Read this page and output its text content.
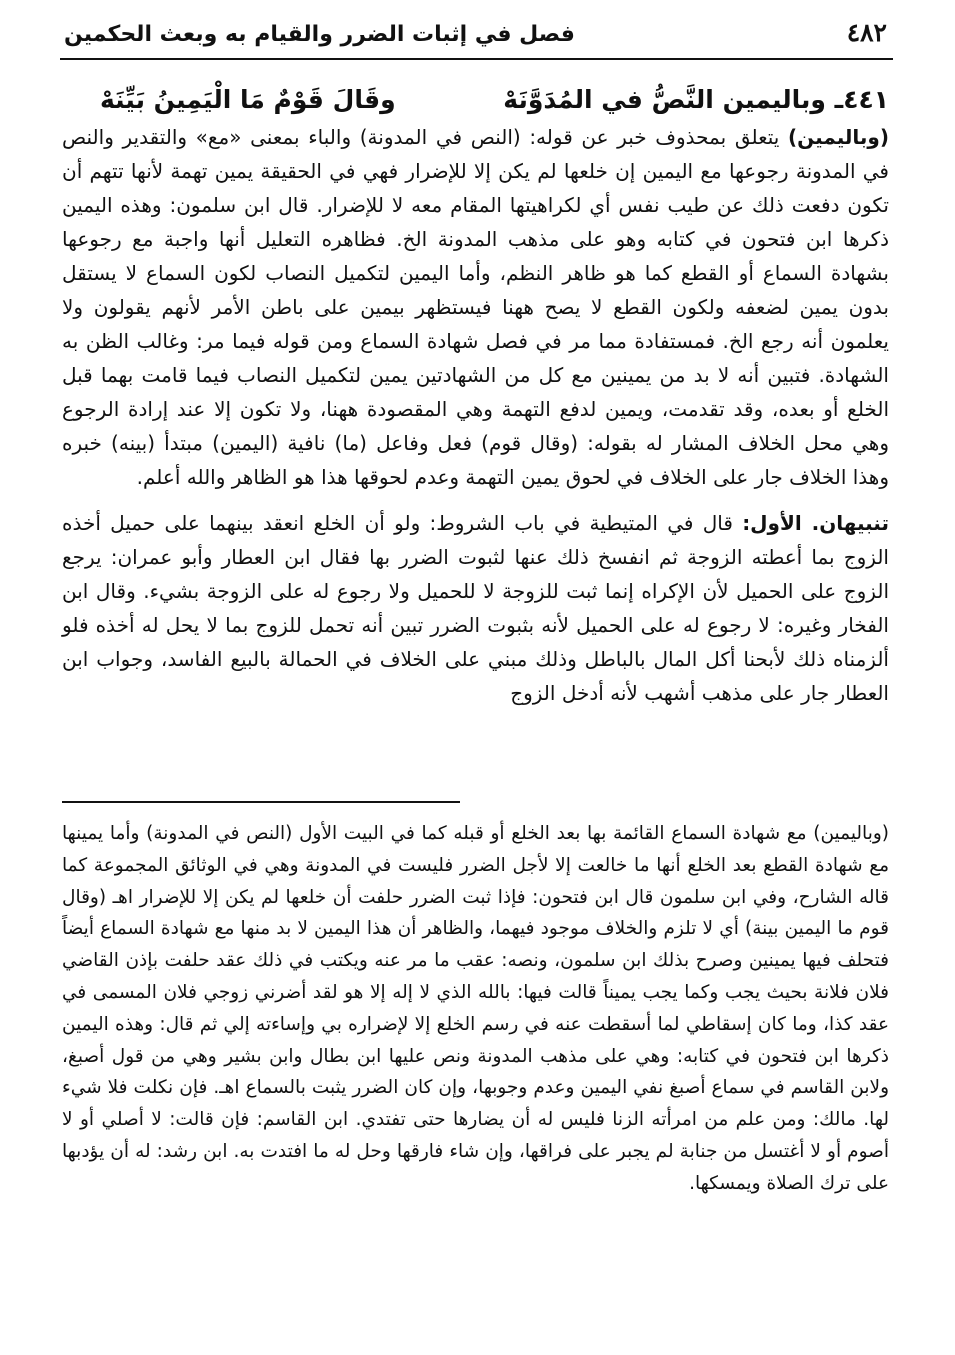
٤٨٢
فصل في إثبات الضرر والقيام به وبعث الحكمين
٤٤١ـ وباليمين النَّصُّ في المُدَوَّنَهْ
وقَالَ قَوْمٌ مَا الْيَمِينُ بَيِّنَهْ

(وباليمين) يتعلق بمحذوف خبر عن قوله: (النص في المدونة) والباء بمعنى «مع» والتقدير والنص في المدونة رجوعها مع اليمين إن خلعها لم يكن إلا للإضرار فهي في الحقيقة يمين تهمة لأنها تتهم أن تكون دفعت ذلك عن طيب نفس أي لكراهيتها المقام معه لا للإضرار. قال ابن سلمون: وهذه اليمين ذكرها ابن فتحون في كتابه وهو على مذهب المدونة الخ. فظاهره التعليل أنها واجبة مع رجوعها بشهادة السماع أو القطع كما هو ظاهر النظم، وأما اليمين لتكميل النصاب لكون السماع لا يستقل بدون يمين لضعفه ولكون القطع لا يصح ههنا فيستظهر بيمين على باطن الأمر لأنهم يقولون ولا يعلمون أنه رجع الخ. فمستفادة مما مر في فصل شهادة السماع ومن قوله فيما مر: وغالب الظن به الشهادة. فتبين أنه لا بد من يمينين مع كل من الشهادتين يمين لتكميل النصاب فيما قامت بهما قبل الخلع أو بعده، وقد تقدمت، ويمين لدفع التهمة وهي المقصودة ههنا، ولا تكون إلا عند إرادة الرجوع وهي محل الخلاف المشار له بقوله: (وقال قوم) فعل وفاعل (ما) نافية (اليمين) مبتدأ (بينه) خبره وهذا الخلاف جار على الخلاف في لحوق يمين التهمة وعدم لحوقها هذا هو الظاهر والله أعلم.

تنبيهان. الأول: قال في المتيطية في باب الشروط: ولو أن الخلع انعقد بينهما على حميل أخذه الزوج بما أعطته الزوجة ثم انفسخ ذلك عنها لثبوت الضرر بها فقال ابن العطار وأبو عمران: يرجع الزوج على الحميل لأن الإكراه إنما ثبت للزوجة لا للحميل ولا رجوع له على الزوجة بشيء. وقال ابن الفخار وغيره: لا رجوع له على الحميل لأنه بثبوت الضرر تبين أنه تحمل للزوج بما لا يحل له أخذه فلو ألزمناه ذلك لأبحنا أكل المال بالباطل وذلك مبني على الخلاف في الحمالة بالبيع الفاسد، وجواب ابن العطار جار على مذهب أشهب لأنه أدخل الزوج

(وباليمين) مع شهادة السماع القائمة بها بعد الخلع أو قبله كما في البيت الأول (النص في المدونة) وأما يمينها مع شهادة القطع بعد الخلع أنها ما خالعت إلا لأجل الضرر فليست في المدونة وهي في الوثائق المجموعة كما قاله الشارح، وفي ابن سلمون قال ابن فتحون: فإذا ثبت الضرر حلفت أن خلعها لم يكن إلا للإضرار اهـ (وقال قوم ما اليمين بينة) أي لا تلزم والخلاف موجود فيهما، والظاهر أن هذا اليمين لا بد منها مع شهادة السماع أيضاً فتحلف فيها يمينين وصرح بذلك ابن سلمون، ونصه: عقب ما مر عنه ويكتب في ذلك عقد حلفت بإذن القاضي فلان فلانة بحيث يجب وكما يجب يميناً قالت فيها: بالله الذي لا إله إلا هو لقد أضرني زوجي فلان المسمى في عقد كذا، وما كان إسقاطي لما أسقطت عنه في رسم الخلع إلا لإضراره بي وإساءته إلي ثم قال: وهذه اليمين ذكرها ابن فتحون في كتابه: وهي على مذهب المدونة ونص عليها ابن بطال وابن بشير وهي من قول أصبغ، ولابن القاسم في سماع أصبغ نفي اليمين وعدم وجوبها، وإن كان الضرر يثبت بالسماع اهـ. فإن نكلت فلا شيء لها. مالك: ومن علم من امرأته الزنا فليس له أن يضارها حتى تفتدي. ابن القاسم: فإن قالت: لا أصلي أو لا أصوم أو لا أغتسل من جنابة لم يجبر على فراقها، وإن شاء فارقها وحل له ما افتدت به. ابن رشد: له أن يؤدبها على ترك الصلاة ويمسكها.
